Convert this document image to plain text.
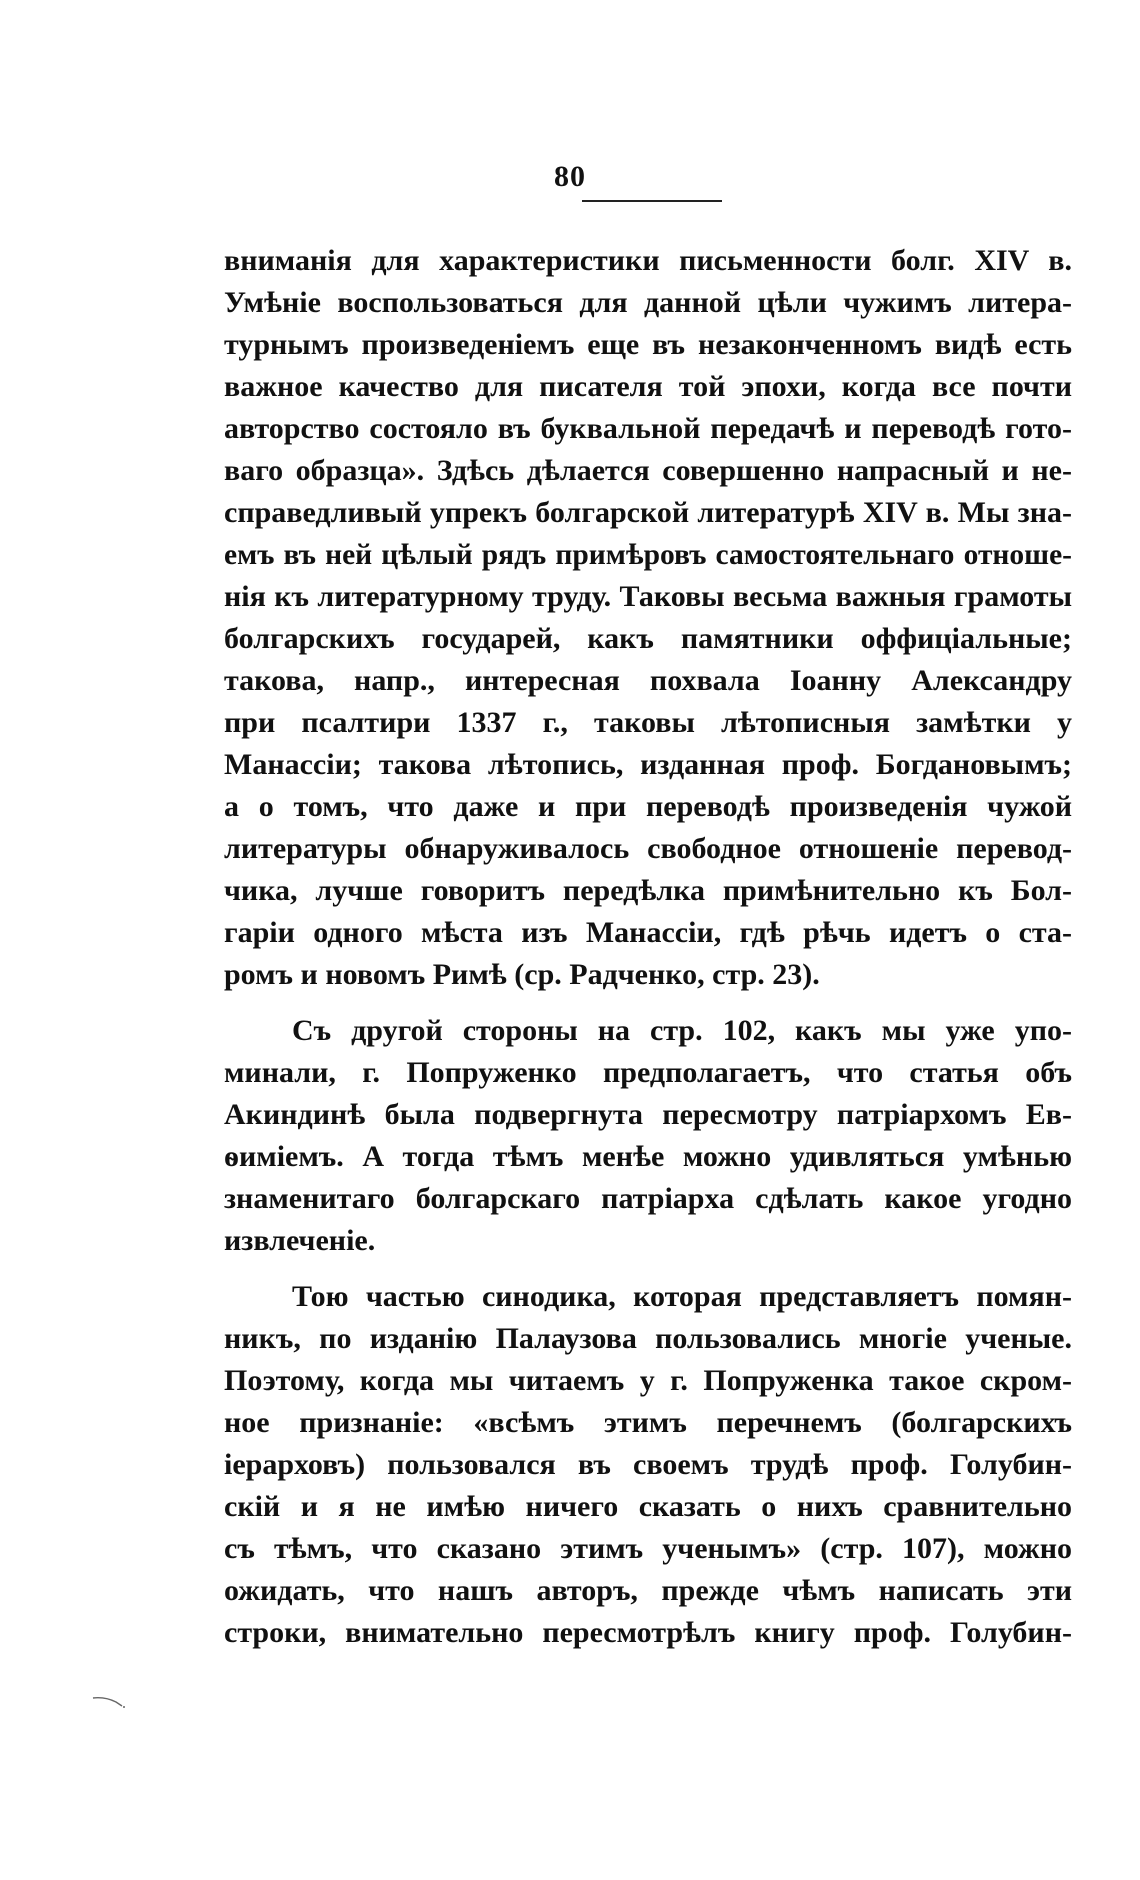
80
вниманія для характеристики письменности болг. XIV в.
Умѣніе воспользоваться для данной цѣли чужимъ литера-
турнымъ произведеніемъ еще въ незаконченномъ видѣ есть
важное качество для писателя той эпохи, когда все почти
авторство состояло въ буквальной передачѣ и переводѣ гото-
ваго образца». Здѣсь дѣлается совершенно напрасный и не-
справедливый упрекъ болгарской литературѣ XIV в. Мы зна-
емъ въ ней цѣлый рядъ примѣровъ самостоятельнаго отноше-
нія къ литературному труду. Таковы весьма важныя грамоты
болгарскихъ государей, какъ памятники оффиціальные;
такова, напр., интересная похвала Іоанну Александру
при псалтири 1337 г., таковы лѣтописныя замѣтки у
Манассіи; такова лѣтопись, изданная проф. Богдановымъ;
а о томъ, что даже и при переводѣ произведенія чужой
литературы обнаруживалось свободное отношеніе перевод-
чика, лучше говоритъ передѣлка примѣнительно къ Бол-
гаріи одного мѣста изъ Манассіи, гдѣ рѣчь идетъ о ста-
ромъ и новомъ Римѣ (ср. Радченко, стр. 23).
Съ другой стороны на стр. 102, какъ мы уже упо-
минали, г. Попруженко предполагаетъ, что статья объ
Акиндинѣ была подвергнута пересмотру патріархомъ Ев-
ѳиміемъ. А тогда тѣмъ менѣе можно удивляться умѣнью
знаменитаго болгарскаго патріарха сдѣлать какое угодно
извлеченіе.
Тою частью синодика, которая представляетъ помян-
никъ, по изданію Палаузова пользовались многіе ученые.
Поэтому, когда мы читаемъ у г. Попруженка такое скром-
ное признаніе: «всѣмъ этимъ перечнемъ (болгарскихъ
іерарховъ) пользовался въ своемъ трудѣ проф. Голубин-
скій и я не имѣю ничего сказать о нихъ сравнительно
съ тѣмъ, что сказано этимъ ученымъ» (стр. 107), можно
ожидать, что нашъ авторъ, прежде чѣмъ написать эти
строки, внимательно пересмотрѣлъ книгу проф. Голубин-
